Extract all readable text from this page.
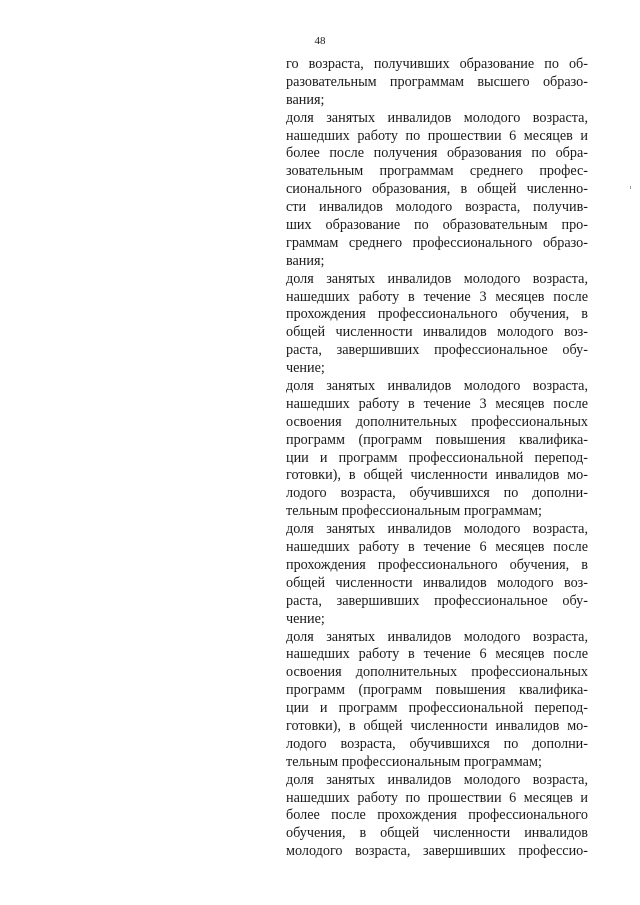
48
го возраста, получивших образование по об-
разовательным программам высшего образо-
вания;
доля занятых инвалидов молодого возраста,
нашедших работу по прошествии 6 месяцев и
более после получения образования по обра-
зовательным программам среднего профес-
сионального образования, в общей численно-
сти инвалидов молодого возраста, получив-
ших образование по образовательным про-
граммам среднего профессионального образо-
вания;
доля занятых инвалидов молодого возраста,
нашедших работу в течение 3 месяцев после
прохождения профессионального обучения, в
общей численности инвалидов молодого воз-
раста, завершивших профессиональное обу-
чение;
доля занятых инвалидов молодого возраста,
нашедших работу в течение 3 месяцев после
освоения дополнительных профессиональных
программ (программ повышения квалифика-
ции и программ профессиональной перепод-
готовки), в общей численности инвалидов мо-
лодого возраста, обучившихся по дополни-
тельным профессиональным программам;
доля занятых инвалидов молодого возраста,
нашедших работу в течение 6 месяцев после
прохождения профессионального обучения, в
общей численности инвалидов молодого воз-
раста, завершивших профессиональное обу-
чение;
доля занятых инвалидов молодого возраста,
нашедших работу в течение 6 месяцев после
освоения дополнительных профессиональных
программ (программ повышения квалифика-
ции и программ профессиональной перепод-
готовки), в общей численности инвалидов мо-
лодого возраста, обучившихся по дополни-
тельным профессиональным программам;
доля занятых инвалидов молодого возраста,
нашедших работу по прошествии 6 месяцев и
более после прохождения профессионального
обучения, в общей численности инвалидов
молодого возраста, завершивших профессио-
